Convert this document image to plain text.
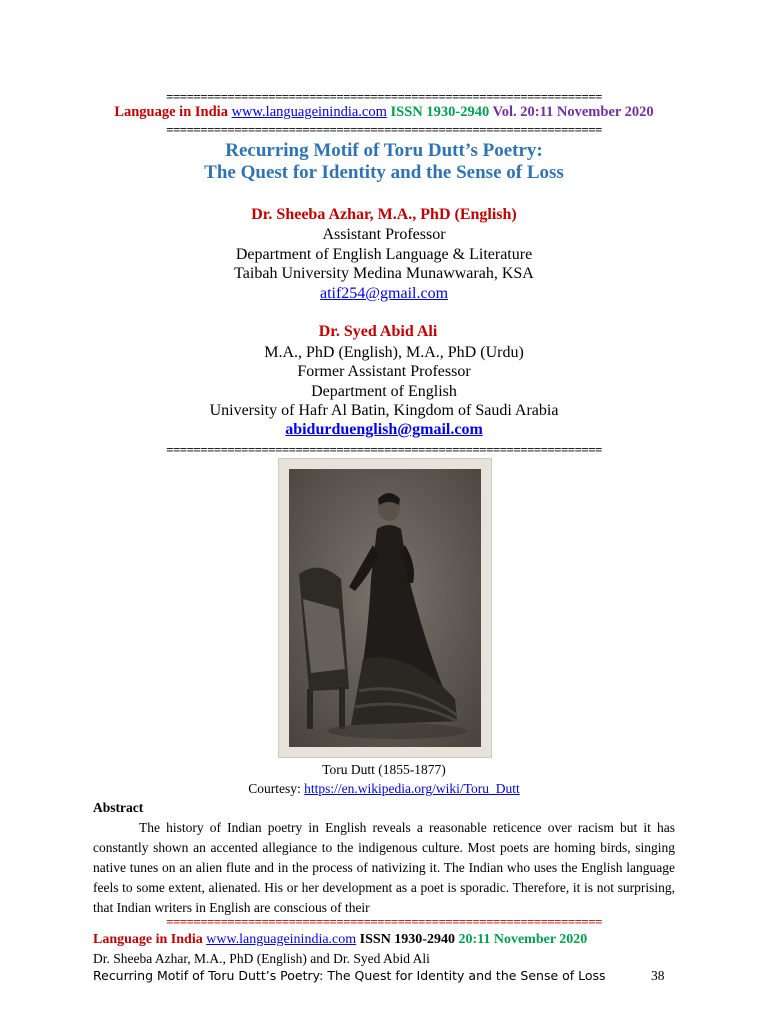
================================================================
Language in India www.languageinindia.com ISSN 1930-2940 Vol. 20:11 November 2020
================================================================
Recurring Motif of Toru Dutt’s Poetry:
The Quest for Identity and the Sense of Loss
Dr. Sheeba Azhar, M.A., PhD (English)
Assistant Professor
Department of English Language & Literature
Taibah University Medina Munawwarah, KSA
atif254@gmail.com
Dr. Syed Abid Ali
M.A., PhD (English), M.A., PhD (Urdu)
Former Assistant Professor
Department of English
University of Hafr Al Batin, Kingdom of Saudi Arabia
abidurduenglish@gmail.com
================================================================
Toru Dutt (1855-1877)
Courtesy: https://en.wikipedia.org/wiki/Toru_Dutt
Abstract
The history of Indian poetry in English reveals a reasonable reticence over racism but it has constantly shown an accented allegiance to the indigenous culture. Most poets are homing birds, singing native tunes on an alien flute and in the process of nativizing it. The Indian who uses the English language feels to some extent, alienated. His or her development as a poet is sporadic. Therefore, it is not surprising, that Indian writers in English are conscious of their
================================================================
Language in India www.languageinindia.com ISSN 1930-2940 20:11 November 2020
Dr. Sheeba Azhar, M.A., PhD (English) and Dr. Syed Abid Ali
Recurring Motif of Toru Dutt’s Poetry: The Quest for Identity and the Sense of Loss	38
